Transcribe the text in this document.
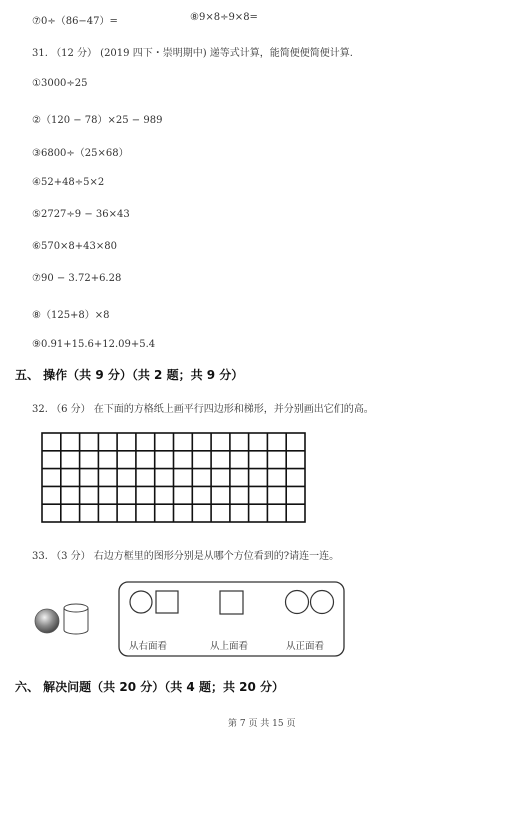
⑦0÷（86−47）=	⑧9×8÷9×8=
31. （12 分） (2019 四下・崇明期中) 递等式计算，能简便便简便计算.
①3000÷25
②（120 − 78）×25 − 989
③6800÷（25×68）
④52+48÷5×2
⑤2727÷9 − 36×43
⑥570×8+43×80
⑦90 − 3.72+6.28
⑧（125+8）×8
⑨0.91+15.6+12.09+5.4
五、 操作（共 9 分）（共 2 题；共 9 分）
32. （6 分） 在下面的方格纸上画平行四边形和梯形，并分别画出它们的高。
33. （3 分） 右边方框里的图形分别是从哪个方位看到的?请连一连。
从右面看	从上面看	从正面看
六、 解决问题（共 20 分）（共 4 题；共 20 分）
第 7 页 共 15 页
